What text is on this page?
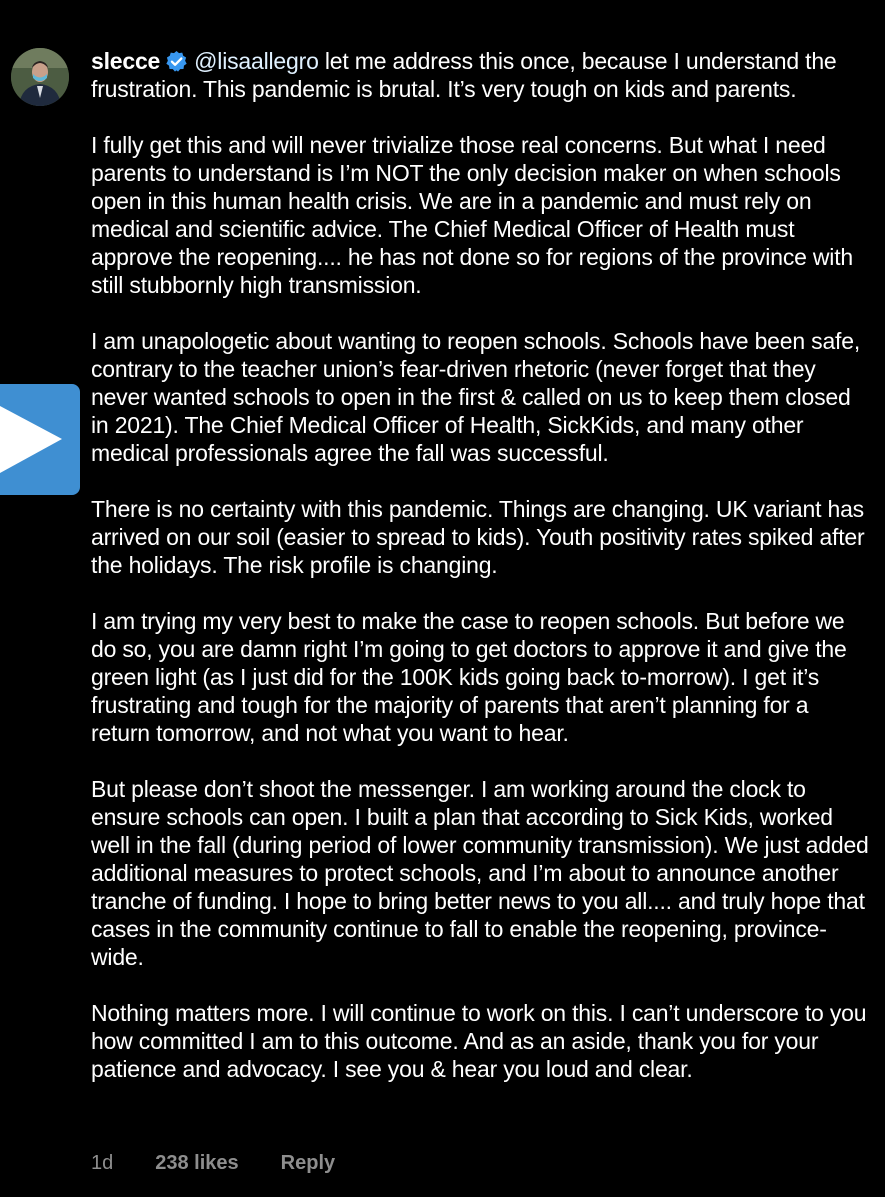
slecce @lisaallegro let me address this once, because I understand the frustration. This pandemic is brutal. It’s very tough on kids and parents.

I fully get this and will never trivialize those real concerns. But what I need parents to understand is I’m NOT the only decision maker on when schools open in this human health crisis. We are in a pandemic and must rely on medical and scientific advice. The Chief Medical Officer of Health must approve the reopening.... he has not done so for regions of the province with still stubbornly high transmission.

I am unapologetic about wanting to reopen schools. Schools have been safe, contrary to the teacher union’s fear-driven rhetoric (never forget that they never wanted schools to open in the first & called on us to keep them closed in 2021). The Chief Medical Officer of Health, SickKids, and many other medical professionals agree the fall was successful.

There is no certainty with this pandemic. Things are changing. UK variant has arrived on our soil (easier to spread to kids). Youth positivity rates spiked after the holidays. The risk profile is changing.

I am trying my very best to make the case to reopen schools. But before we do so, you are damn right I’m going to get doctors to approve it and give the green light (as I just did for the 100K kids going back to-morrow). I get it’s frustrating and tough for the majority of parents that aren’t planning for a return tomorrow, and not what you want to hear.

But please don’t shoot the messenger. I am working around the clock to ensure schools can open. I built a plan that according to Sick Kids, worked well in the fall (during period of lower community transmission). We just added additional measures to protect schools, and I’m about to announce another tranche of funding. I hope to bring better news to you all.... and truly hope that cases in the community continue to fall to enable the reopening, province-wide.

Nothing matters more. I will continue to work on this. I can’t underscore to you how committed I am to this outcome. And as an aside, thank you for your patience and advocacy. I see you & hear you loud and clear.

1d 238 likes Reply
